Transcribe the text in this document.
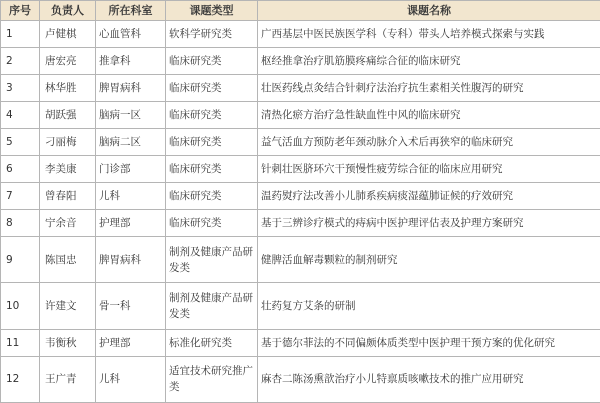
序号	负责人	所在科室	课题类型	课题名称
1	卢健棋	心血管科	软科学研究类	广西基层中医民族医学科（专科）带头人培养模式探索与实践
2	唐宏亮	推拿科	临床研究类	枢经推拿治疗肌筋膜疼痛综合征的临床研究
3	林华胜	脾胃病科	临床研究类	壮医药线点灸结合针刺疗法治疗抗生素相关性腹泻的研究
4	胡跃强	脑病一区	临床研究类	清热化瘀方治疗急性缺血性中风的临床研究
5	刁丽梅	脑病二区	临床研究类	益气活血方预防老年颈动脉介入术后再狭窄的临床研究
6	李美康	门诊部	临床研究类	针刺壮医脐环穴干预慢性疲劳综合征的临床应用研究
7	曾春阳	儿科	临床研究类	温药熨疗法改善小儿肺系疾病痰湿蕴肺证候的疗效研究
8	宁余音	护理部	临床研究类	基于三辨诊疗模式的痔病中医护理评估表及护理方案研究
9	陈国忠	脾胃病科	制剂及健康产品研发类	健脾活血解毒颗粒的制剂研究
10	许建文	骨一科	制剂及健康产品研发类	壮药复方艾条的研制
11	韦衡秋	护理部	标准化研究类	基于德尔菲法的不同偏颇体质类型中医护理干预方案的优化研究
12	王广青	儿科	适宜技术研究推广类	麻杏二陈汤熏歆治疗小儿特禀质咳嗽技术的推广应用研究
